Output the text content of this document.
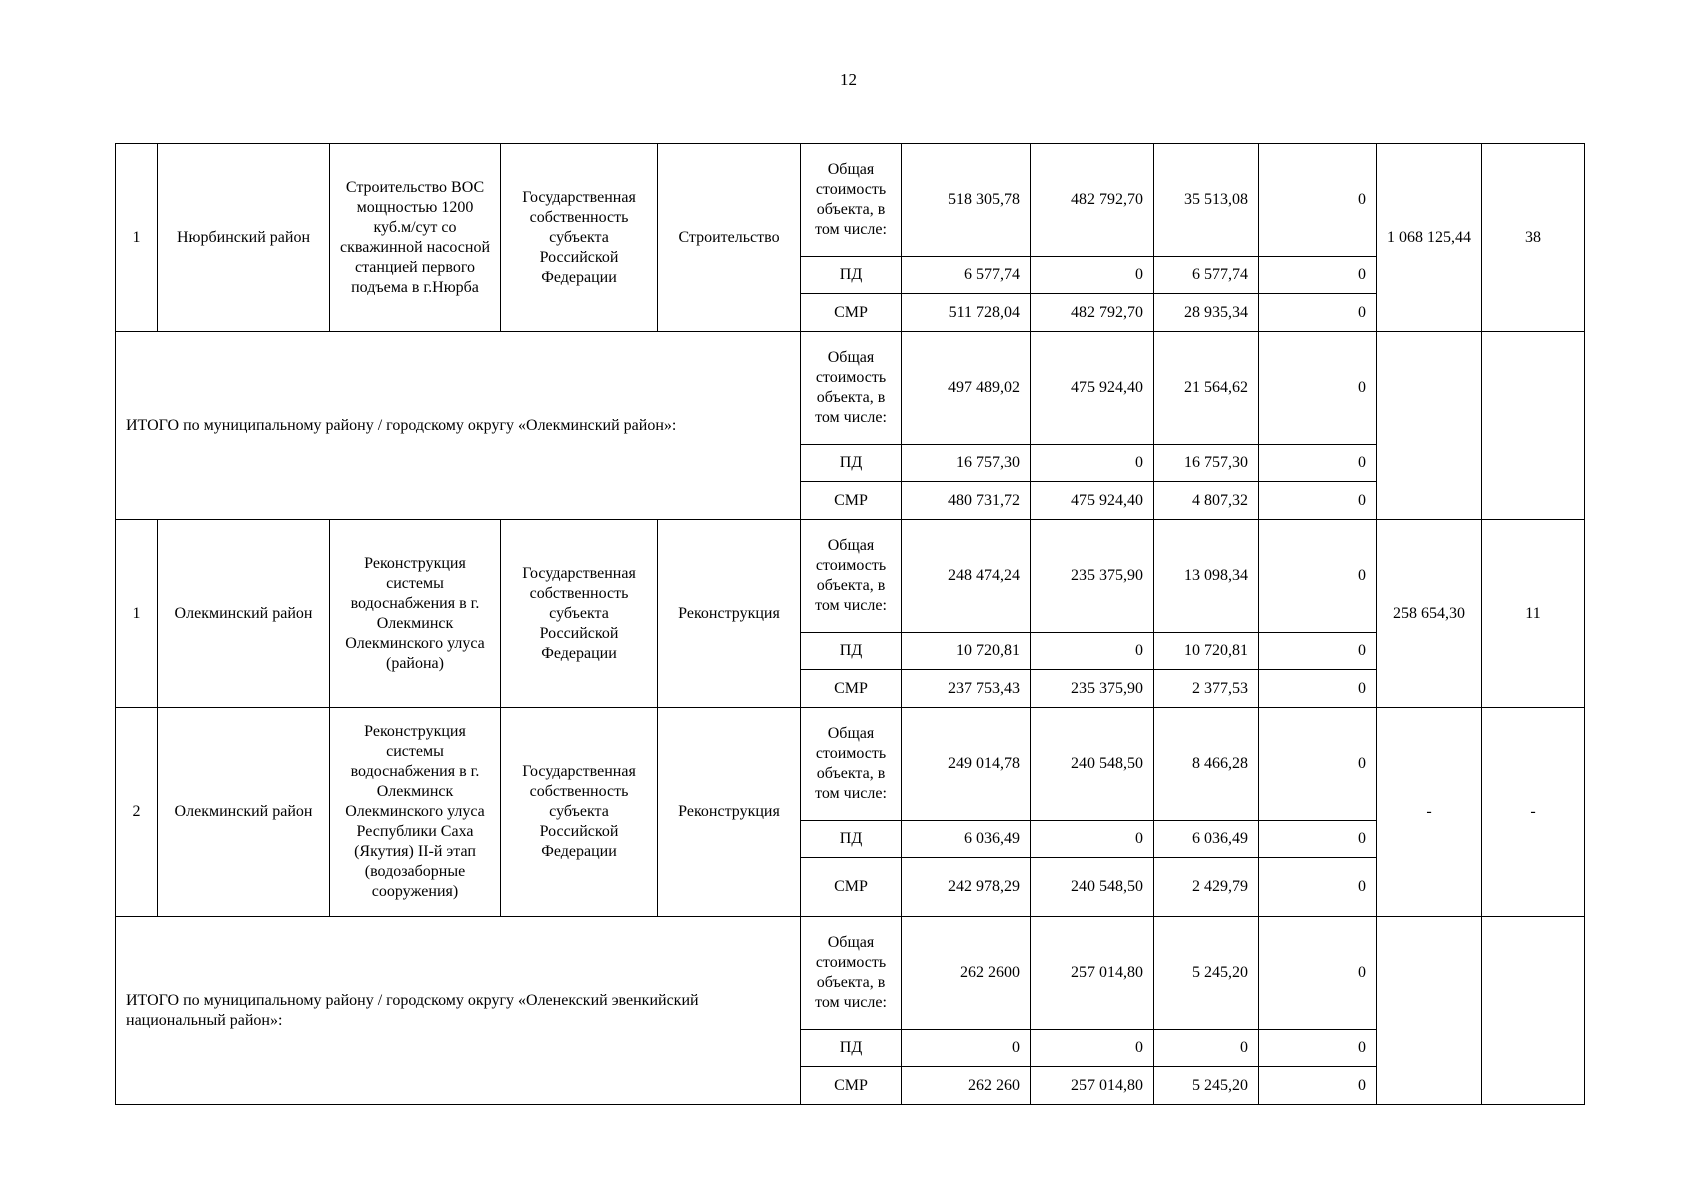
12
1	Нюрбинский район	Строительство ВОС мощностью 1200 куб.м/сут со скважинной насосной станцией первого подъема в г.Нюрба	Государственная собственность субъекта Российской Федерации	Строительство	Общая стоимость объекта, в том числе:	518 305,78	482 792,70	35 513,08	0	1 068 125,44	38
					ПД	6 577,74	0	6 577,74	0		
					СМР	511 728,04	482 792,70	28 935,34	0		
ИТОГО по муниципальному району / городскому округу «Олекминский район»:					Общая стоимость объекта, в том числе:	497 489,02	475 924,40	21 564,62	0		
					ПД	16 757,30	0	16 757,30	0		
					СМР	480 731,72	475 924,40	4 807,32	0		
1	Олекминский район	Реконструкция системы водоснабжения в г. Олекминск Олекминского улуса (района)	Государственная собственность субъекта Российской Федерации	Реконструкция	Общая стоимость объекта, в том числе:	248 474,24	235 375,90	13 098,34	0	258 654,30	11
					ПД	10 720,81	0	10 720,81	0		
					СМР	237 753,43	235 375,90	2 377,53	0		
2	Олекминский район	Реконструкция системы водоснабжения в г. Олекминск Олекминского улуса Республики Саха (Якутия) II-й этап (водозаборные сооружения)	Государственная собственность субъекта Российской Федерации	Реконструкция	Общая стоимость объекта, в том числе:	249 014,78	240 548,50	8 466,28	0	-	-
					ПД	6 036,49	0	6 036,49	0		
					СМР	242 978,29	240 548,50	2 429,79	0		
ИТОГО по муниципальному району / городскому округу «Оленекский эвенкийский национальный район»:					Общая стоимость объекта, в том числе:	262 2600	257 014,80	5 245,20	0		
					ПД	0	0	0	0		
					СМР	262 260	257 014,80	5 245,20	0		
